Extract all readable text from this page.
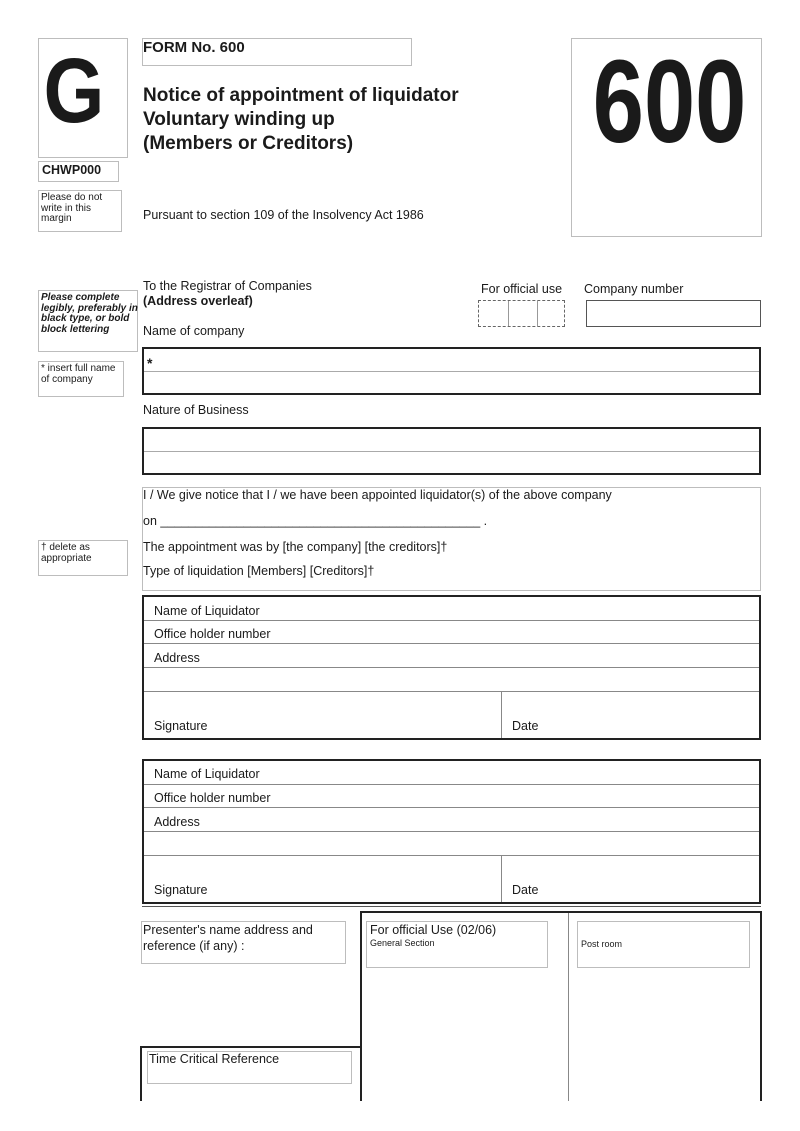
G	FORM No. 600
Notice of appointment of liquidator
Voluntary winding up
(Members or Creditors)	600
CHWP000
Please do not write in this margin	Pursuant to section 109 of the Insolvency Act 1986
Please complete legibly, preferably in black type, or bold block lettering
To the Registrar of Companies
(Address overleaf)
For official use Company number
Name of company
* insert full name of company
*
Nature of Business
I / We give notice that I / we have been appointed liquidator(s) of the above company
on ______________________________________________ .
The appointment was by [the company] [the creditors]†
Type of liquidation [Members] [Creditors]†
† delete as appropriate
Name of Liquidator
Office holder number
Address
Signature	Date
Name of Liquidator
Office holder number
Address
Signature	Date
Presenter's name address and reference (if any) :
For official Use (02/06)
General Section	Post room
Time Critical Reference
